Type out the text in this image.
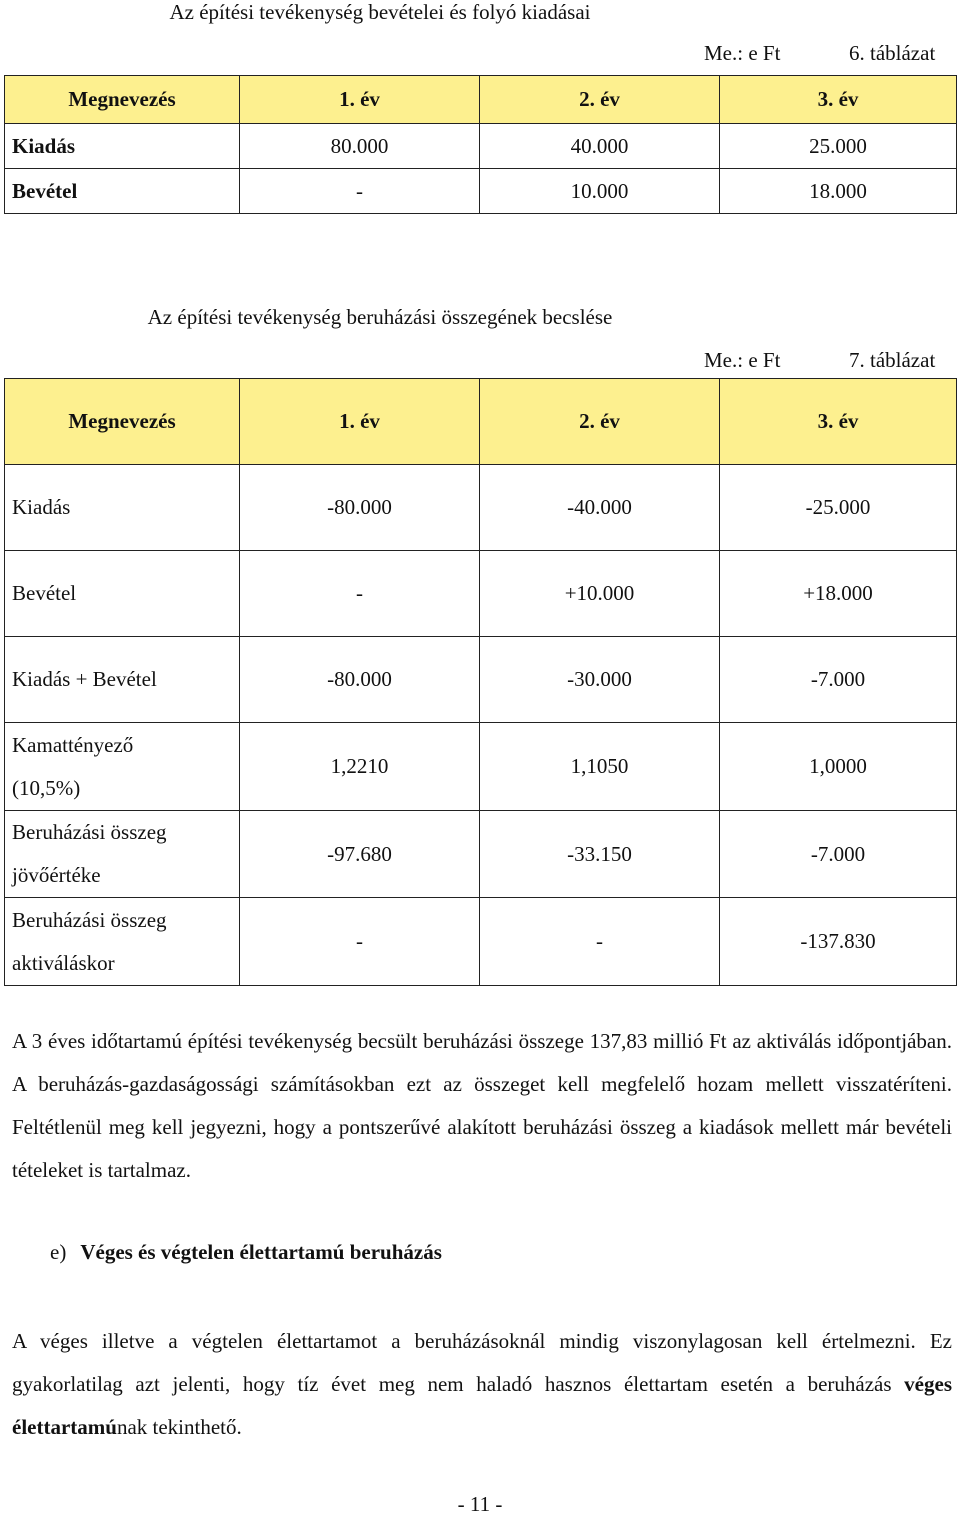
Az építési tevékenység bevételei és folyó kiadásai
Me.: e Ft	6. táblázat
Megnevezés	1. év	2. év	3. év
Kiadás	80.000	40.000	25.000
Bevétel	-	10.000	18.000
Az építési tevékenység beruházási összegének becslése
Me.: e Ft	7. táblázat
Megnevezés	1. év	2. év	3. év
Kiadás	-80.000	-40.000	-25.000
Bevétel	-	+10.000	+18.000
Kiadás + Bevétel	-80.000	-30.000	-7.000

Kamattényező
(10,5%)	1,2210	1,1050	1,0000

Beruházási összeg
jövőértéke	-97.680	-33.150	-7.000

Beruházási összeg
aktiváláskor	-	-	-137.830
A 3 éves időtartamú építési tevékenység becsült beruházási összege 137,83 millió Ft az aktiválás időpontjában. A beruházás-gazdaságossági számításokban ezt az összeget kell megfelelő hozam mellett visszatéríteni. Feltétlenül meg kell jegyezni, hogy a pontszerűvé alakított beruházási összeg a kiadások mellett már bevételi tételeket is tartalmaz.
e) Véges és végtelen élettartamú beruházás
A véges illetve a végtelen élettartamot a beruházásoknál mindig viszonylagosan kell értelmezni. Ez gyakorlatilag azt jelenti, hogy tíz évet meg nem haladó hasznos élettartam esetén a beruházás véges élettartamúnak tekinthető.
- 11 -
